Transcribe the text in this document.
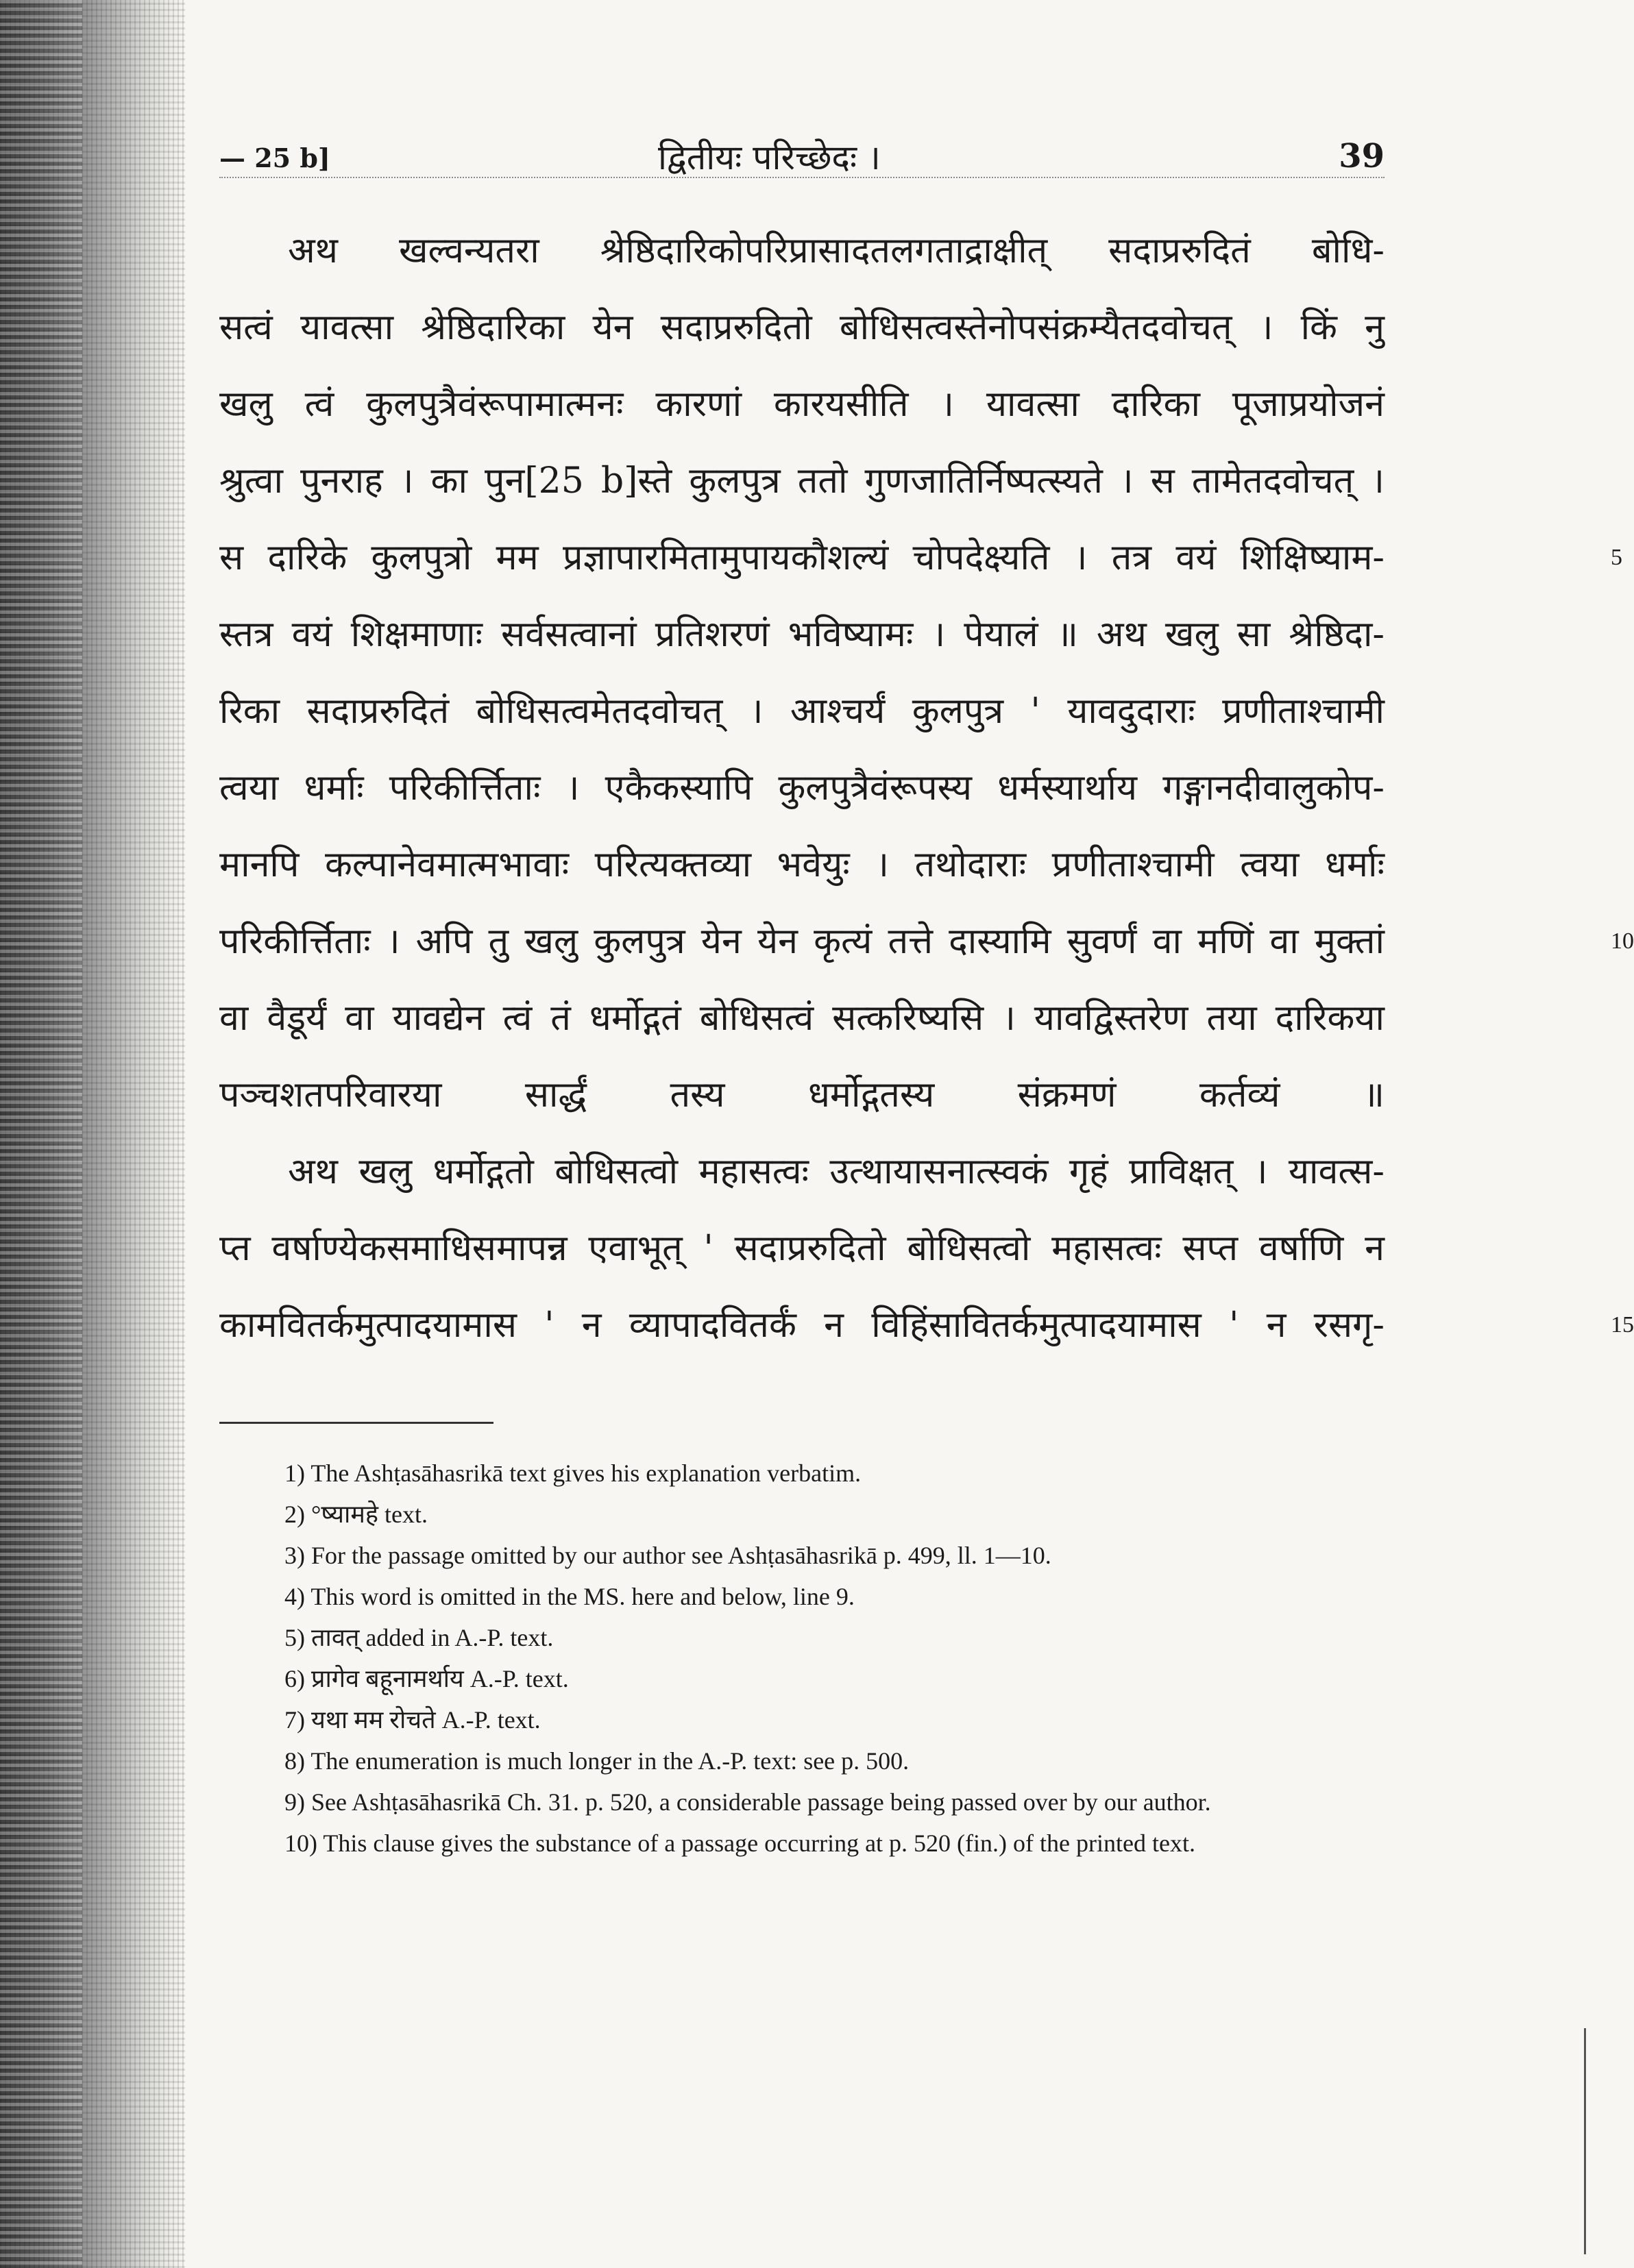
— 25 b]	द्वितीयः परिच्छेदः ।	39
अथ खल्वन्यतरा श्रेष्ठिदारिकोपरिप्रासादतलगताद्राक्षीत् सदाप्ररुदितं बोधि-
सत्वं यावत्सा श्रेष्ठिदारिका येन सदाप्ररुदितो बोधिसत्वस्तेनोपसंक्रम्यैतदवोचत् । किं नु
खलु त्वं कुलपुत्रैवंरूपामात्मनः कारणां कारयसीति । यावत्सा दारिका पूजाप्रयोजनं
श्रुत्वा पुनराह । का पुन[25 b]स्ते कुलपुत्र ततो गुणजातिर्निष्पत्स्यते । स तामेतदवोचत् ।
स दारिके कुलपुत्रो मम प्रज्ञापारमितामुपायकौशल्यं चोपदेक्ष्यति । तत्र वयं शिक्षिष्याम-	5
स्तत्र वयं शिक्षमाणाः सर्वसत्वानां प्रतिशरणं भविष्यामः । पेयालं ॥ अथ खलु सा श्रेष्ठिदा-
रिका सदाप्ररुदितं बोधिसत्वमेतदवोचत् । आश्चर्यं कुलपुत्र ' यावदुदाराः प्रणीताश्चामी
त्वया धर्माः परिकीर्त्तिताः । एकैकस्यापि कुलपुत्रैवंरूपस्य धर्मस्यार्थाय गङ्गानदीवालुकोप-
मानपि कल्पानेवमात्मभावाः परित्यक्तव्या भवेयुः । तथोदाराः प्रणीताश्चामी त्वया धर्माः
परिकीर्त्तिताः । अपि तु खलु कुलपुत्र येन येन कृत्यं तत्ते दास्यामि सुवर्णं वा मणिं वा मुक्तां	10
वा वैडूर्यं वा यावद्येन त्वं तं धर्मोद्गतं बोधिसत्वं सत्करिष्यसि । यावद्विस्तरेण तया दारिकया
पञ्चशतपरिवारया सार्द्धं तस्य धर्मोद्गतस्य संक्रमणं कर्तव्यं ॥
अथ खलु धर्मोद्गतो बोधिसत्वो महासत्वः उत्थायासनात्स्वकं गृहं प्राविक्षत् । यावत्स-
प्त वर्षाण्येकसमाधिसमापन्न एवाभूत् ' सदाप्ररुदितो बोधिसत्वो महासत्वः सप्त वर्षाणि न
कामवितर्कमुत्पादयामास ' न व्यापादवितर्कं न विहिंसावितर्कमुत्पादयामास ' न रसगृ-	15
1) The Ashṭasāhasrikā text gives his explanation verbatim.
2) °ष्यामहे text.
3) For the passage omitted by our author see Ashṭasāhasrikā p. 499, ll. 1—10.
4) This word is omitted in the MS. here and below, line 9.
5) तावत् added in A.-P. text.
6) प्रागेव बहूनामर्थाय A.-P. text.
7) यथा मम रोचते A.-P. text.
8) The enumeration is much longer in the A.-P. text: see p. 500.
9) See Ashṭasāhasrikā Ch. 31. p. 520, a considerable passage being passed over by our author.
10) This clause gives the substance of a passage occurring at p. 520 (fin.) of the printed text.
